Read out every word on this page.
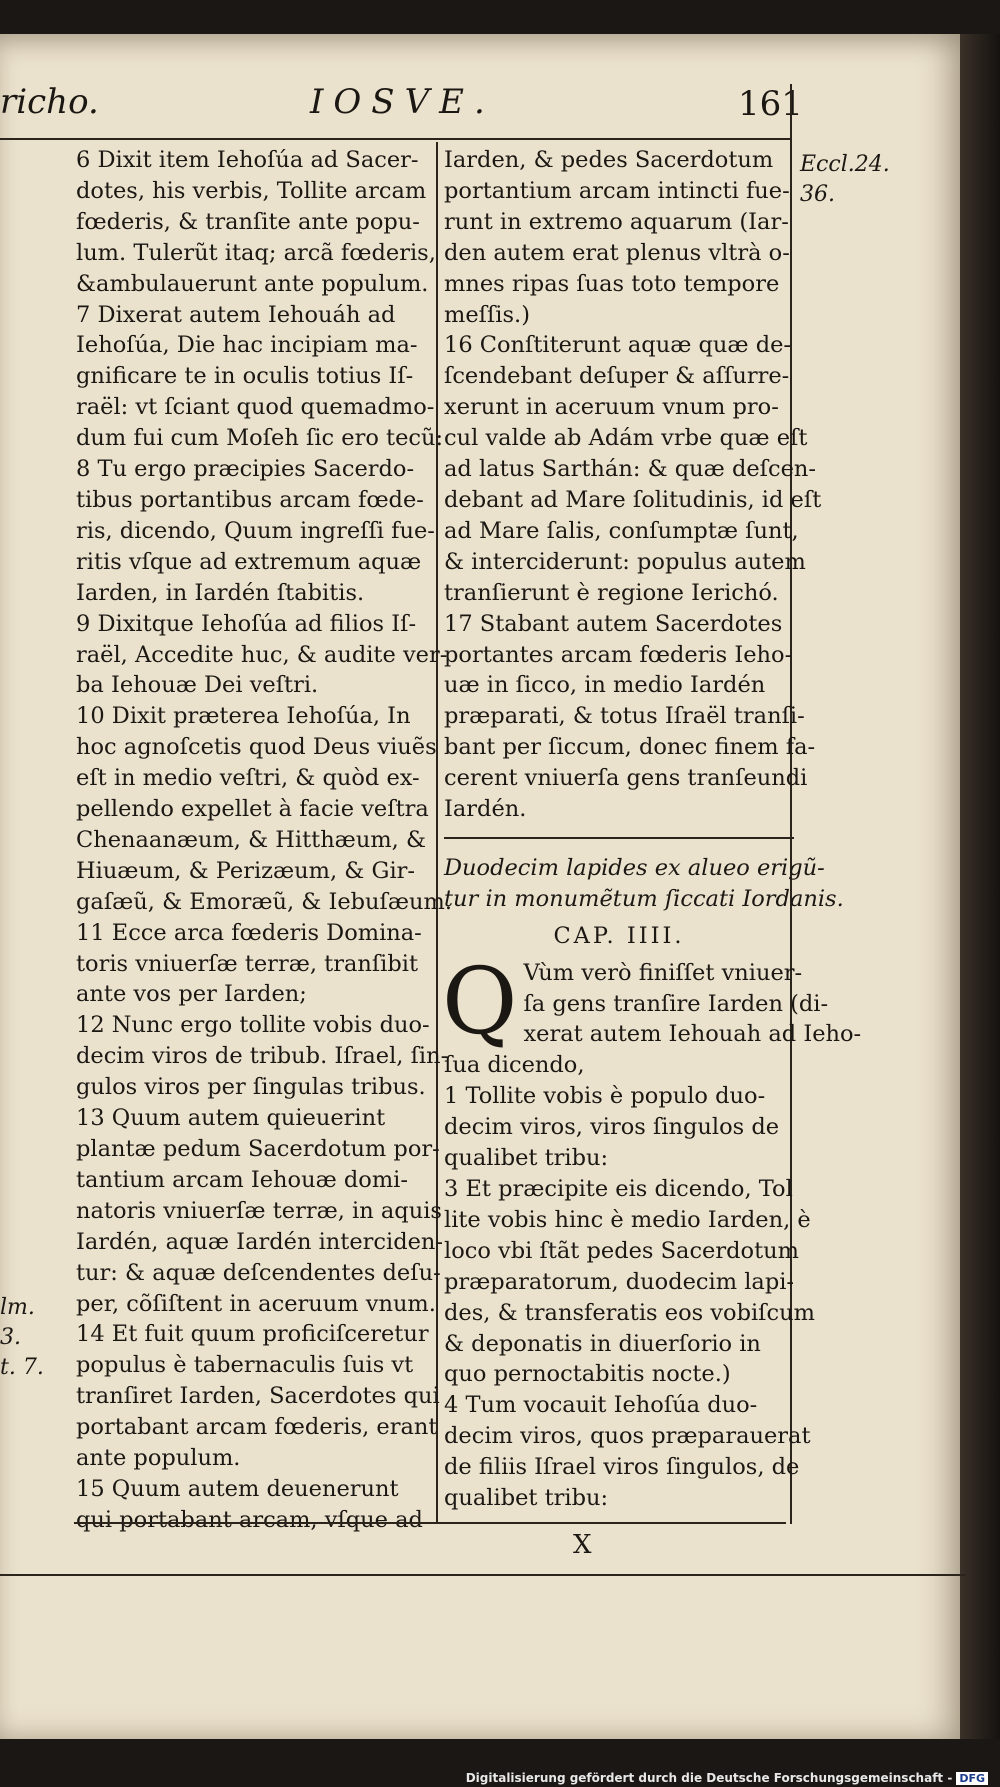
richo.	IOSVE.	161
Eccl.24.
36.
lm.
3.
t. 7.

6 Dixit item Iehoſúa ad Sacer-

dotes, his verbis, Tollite arcam

fœderis, & tranſite ante popu-

lum. Tulerũt itaq; arcã fœderis,

&ambulauerunt ante populum.

7 Dixerat autem Iehouáh ad

Iehoſúa, Die hac incipiam ma-

gnificare te in oculis totius Iſ-

raël: vt ſciant quod quemadmo-

dum fui cum Moſeh ſic ero tecũ:

8 Tu ergo præcipies Sacerdo-

tibus portantibus arcam fœde-

ris, dicendo, Quum ingreſſi fue-

ritis vſque ad extremum aquæ

Iarden, in Iardén ſtabitis.

9 Dixitque Iehoſúa ad filios Iſ-

raël, Accedite huc, & audite ver-

ba Iehouæ Dei veſtri.

10 Dixit præterea Iehoſúa, In

hoc agnoſcetis quod Deus viuẽs

eſt in medio veſtri, & quòd ex-

pellendo expellet à facie veſtra

Chenaanæum, & Hitthæum, &

Hiuæum, & Perizæum, & Gir-

gaſæũ, & Emoræũ, & Iebuſæum.

11 Ecce arca fœderis Domina-

toris vniuerſæ terræ, tranſibit

ante vos per Iarden;

12 Nunc ergo tollite vobis duo-

decim viros de tribub. Iſrael, ſin-

gulos viros per ſingulas tribus.

13 Quum autem quieuerint

plantæ pedum Sacerdotum por-

tantium arcam Iehouæ domi-

natoris vniuerſæ terræ, in aquis

Iardén, aquæ Iardén interciden-

tur: & aquæ deſcendentes deſu-

per, cõſiſtent in aceruum vnum.

14 Et fuit quum proficiſceretur

populus è tabernaculis ſuis vt

tranſiret Iarden, Sacerdotes qui

portabant arcam fœderis, erant

ante populum.

15 Quum autem deuenerunt

qui portabant arcam, vſque ad

Iarden, & pedes Sacerdotum

portantium arcam intincti fue-

runt in extremo aquarum (Iar-

den autem erat plenus vltrà o-

mnes ripas ſuas toto tempore

meſſis.)

16 Conſtiterunt aquæ quæ de-

ſcendebant deſuper & aſſurre-

xerunt in aceruum vnum pro-

cul valde ab Adám vrbe quæ eſt

ad latus Sarthán: & quæ deſcen-

debant ad Mare ſolitudinis, id eſt

ad Mare ſalis, conſumptæ ſunt,

& interciderunt: populus autem

tranſierunt è regione Ierichó.

17 Stabant autem Sacerdotes

portantes arcam fœderis Ieho-

uæ in ſicco, in medio Iardén

præparati, & totus Iſraël tranſi-

bant per ſiccum, donec finem fa-

cerent vniuerſa gens tranſeundi

Iardén.

Duodecim lapides ex alueo erigũ-

tur in monumẽtum ſiccati Iordanis.

CAP. IIII.

Q Vùm verò finiſſet vniuer-

ſa gens tranſire Iarden (di-

xerat autem Iehouah ad Ieho-

ſua dicendo,

1 Tollite vobis è populo duo-

decim viros, viros ſingulos de

qualibet tribu:

3 Et præcipite eis dicendo, Tol

lite vobis hinc è medio Iarden, è

loco vbi ſtãt pedes Sacerdotum

præparatorum, duodecim lapi-

des, & transferatis eos vobiſcum

& deponatis in diuerſorio in

quo pernoctabitis nocte.)

4 Tum vocauit Iehoſúa duo-

decim viros, quos præparauerat

de filiis Iſrael viros ſingulos, de

qualibet tribu:

X
Digitalisierung gefördert durch die Deutsche Forschungsgemeinschaft - DFG
